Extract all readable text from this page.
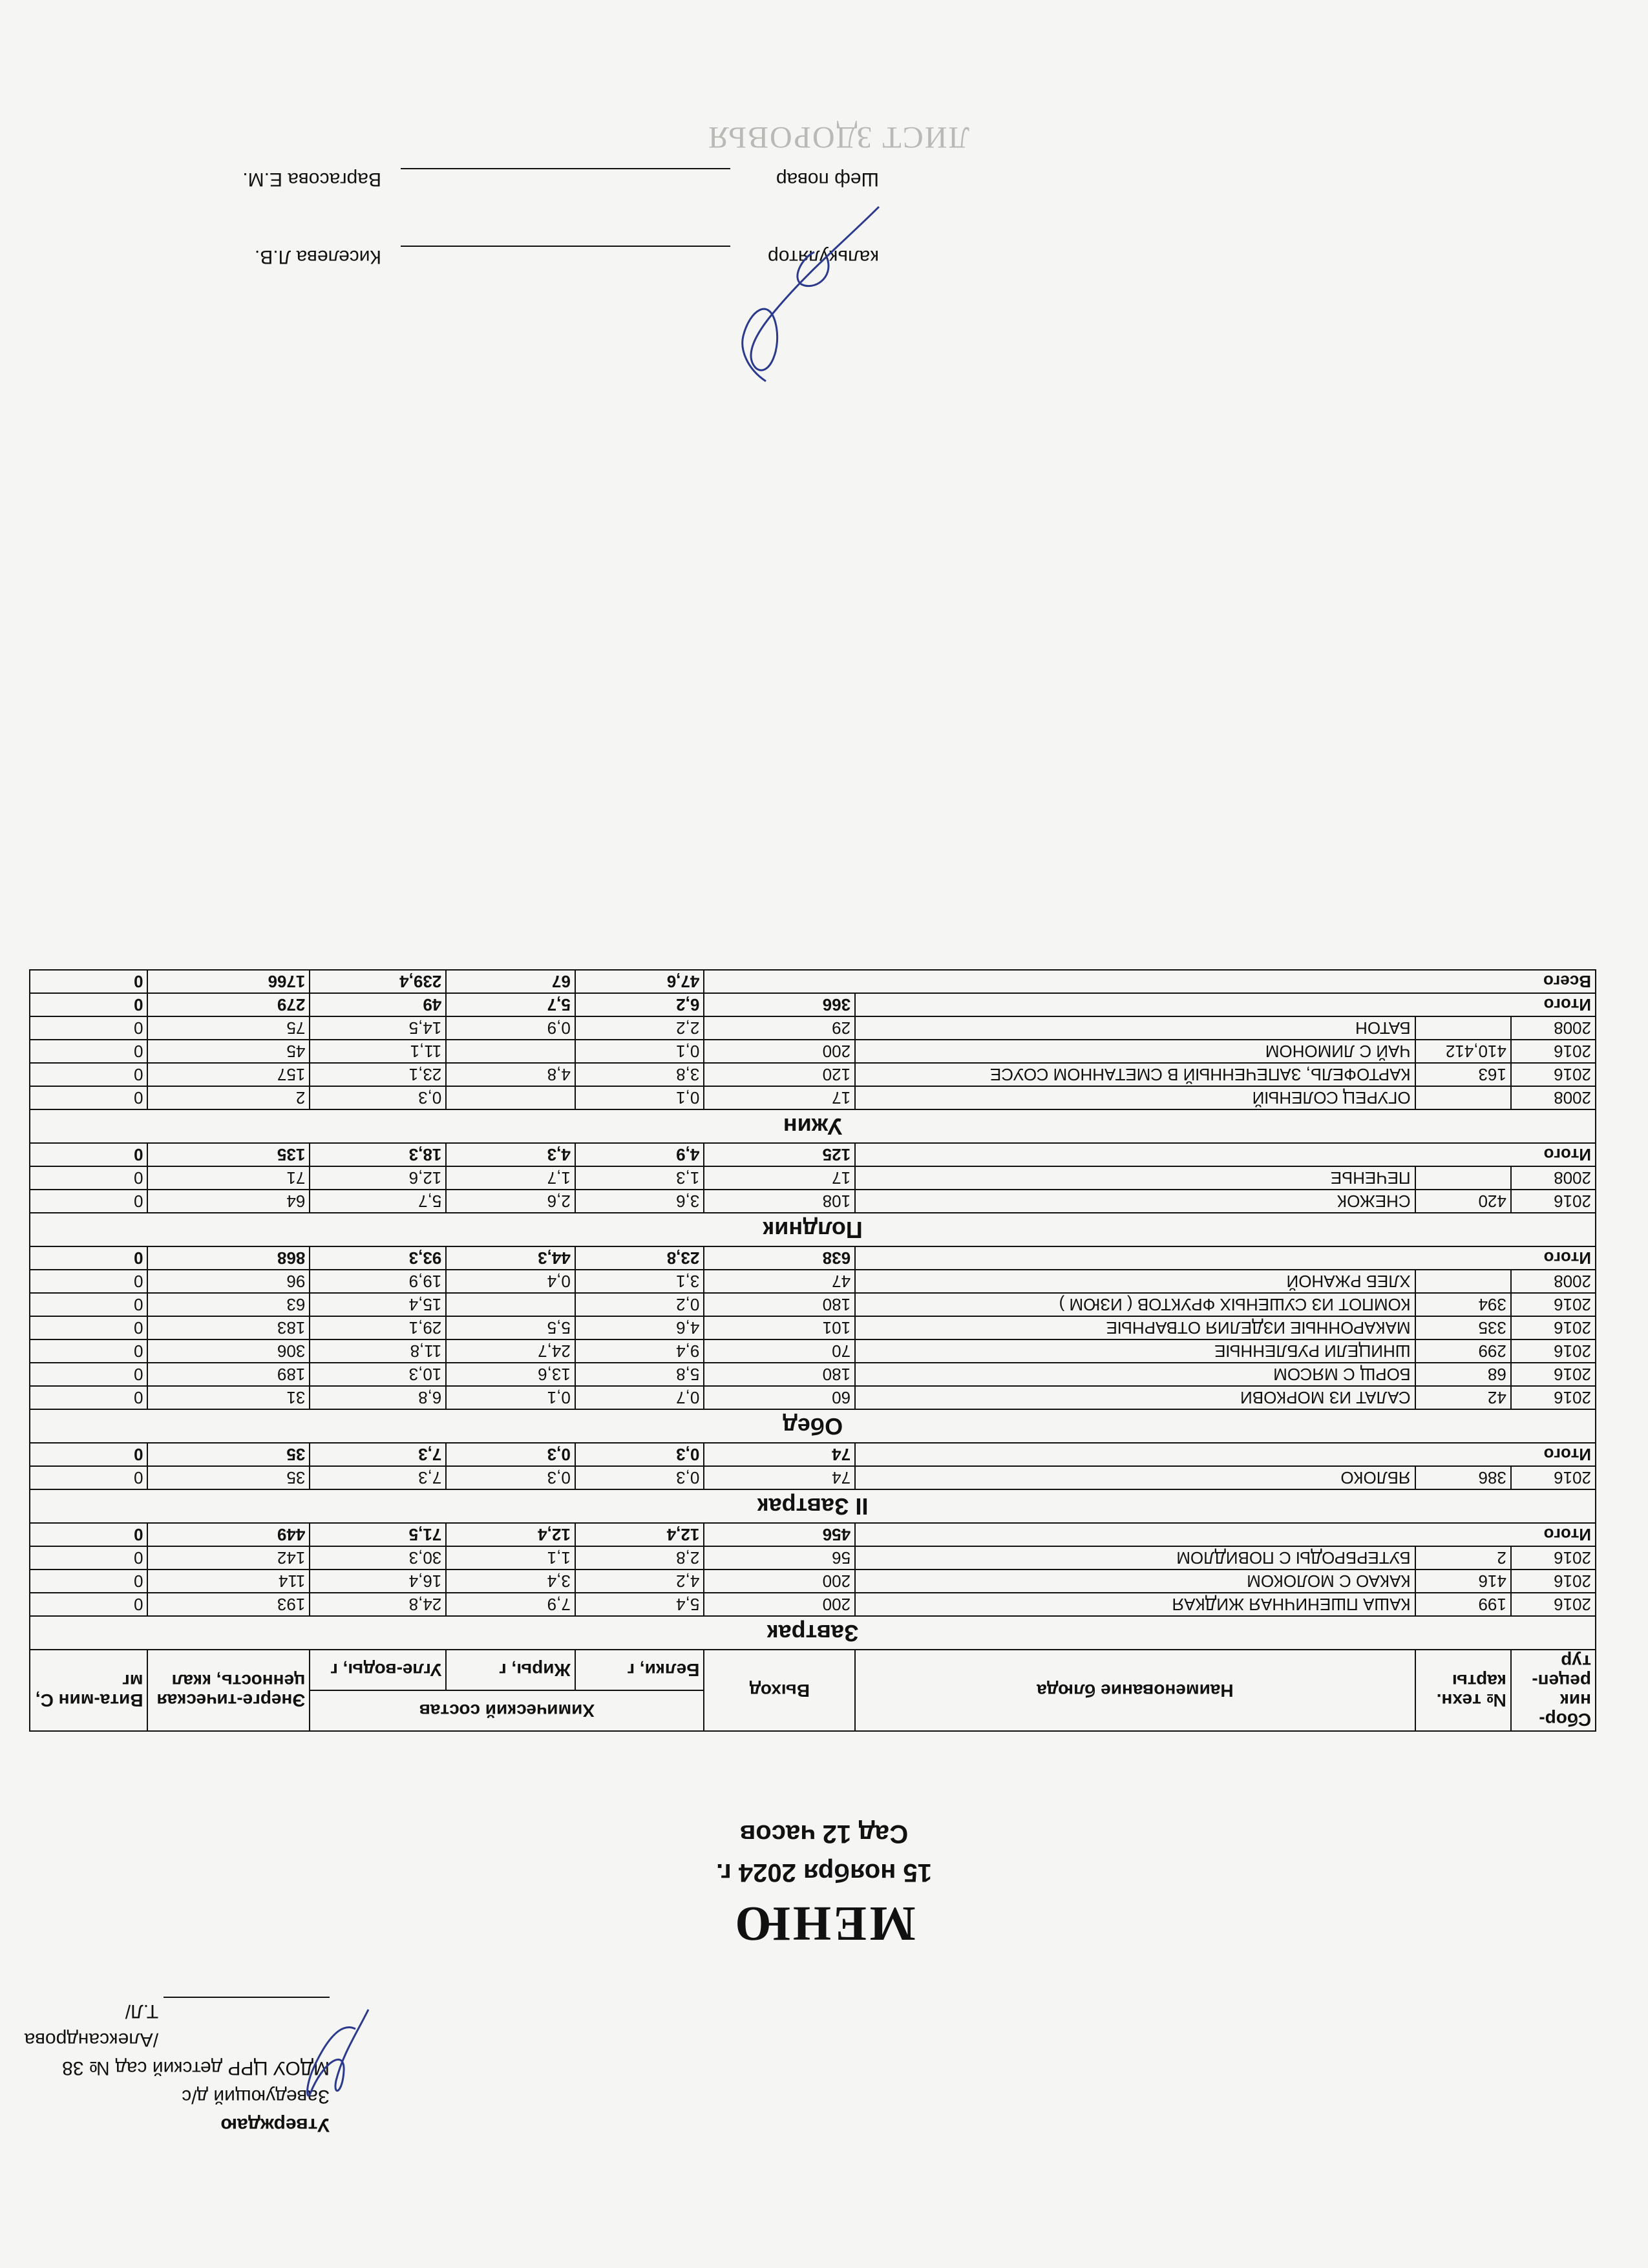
ЛИСТ ЗДОРОВЬЯ
Утверждаю
Заведующий д/с
МДОУ ЦРР детский сад № 38
/Александрова Т.Л/
МЕНЮ
15 ноября 2024 г.
Сад 12 часов
Сбор-ник рецеп-тур	№ техн. карты	Наименование блюда	Выход	Химический состав			Энерге-тическая ценность, ккал	Вита-мин С, мг
				Белки, г	Жиры, г	Угле-воды, г		
Завтрак								
2016	199	КАША ПШЕНИЧНАЯ ЖИДКАЯ	200	5,4	7,9	24,8	193	0
2016	416	КАКАО С МОЛОКОМ	200	4,2	3,4	16,4	114	0
2016	2	БУТЕРБРОДЫ С ПОВИДЛОМ	56	2,8	1,1	30,3	142	0
Итого			456	12,4	12,4	71,5	449	0
II Завтрак								
2016	386	ЯБЛОКО	74	0,3	0,3	7,3	35	0
Итого			74	0,3	0,3	7,3	35	0
Обед								
2016	42	САЛАТ ИЗ МОРКОВИ	60	0,7	0,1	6,8	31	0
2016	68	БОРЩ С МЯСОМ	180	5,8	13,6	10,3	189	0
2016	299	ШНИЦЕЛИ РУБЛЕННЫЕ	70	9,4	24,7	11,8	306	0
2016	335	МАКАРОННЫЕ ИЗДЕЛИЯ ОТВАРНЫЕ	101	4,6	5,5	29,1	183	0
2016	394	КОМПОТ ИЗ СУШЕНЫХ ФРУКТОВ ( ИЗЮМ )	180	0,2		15,4	63	0
2008		ХЛЕБ РЖАНОЙ	47	3,1	0,4	19,9	96	0
Итого			638	23,8	44,3	93,3	868	0
Полдник								
2016	420	СНЕЖОК	108	3,6	2,6	5,7	64	0
2008		ПЕЧЕНЬЕ	17	1,3	1,7	12,6	71	0
Итого			125	4,9	4,3	18,3	135	0
Ужин								
2008		ОГУРЕЦ СОЛЕНЫЙ	17	0,1		0,3	2	0
2016	163	КАРТОФЕЛЬ, ЗАПЕЧЕННЫЙ В СМЕТАННОМ СОУСЕ	120	3,8	4,8	23,1	157	0
2016	410,412	ЧАЙ С ЛИМОНОМ	200	0,1		11,1	45	0
2008		БАТОН	29	2,2	0,9	14,5	75	0
Итого			366	6,2	5,7	49	279	0
Всего				47,6	67	239,4	1766	0
калькулятор
Киселева Л.В.
Шеф повар
Варгасова Е.М.
